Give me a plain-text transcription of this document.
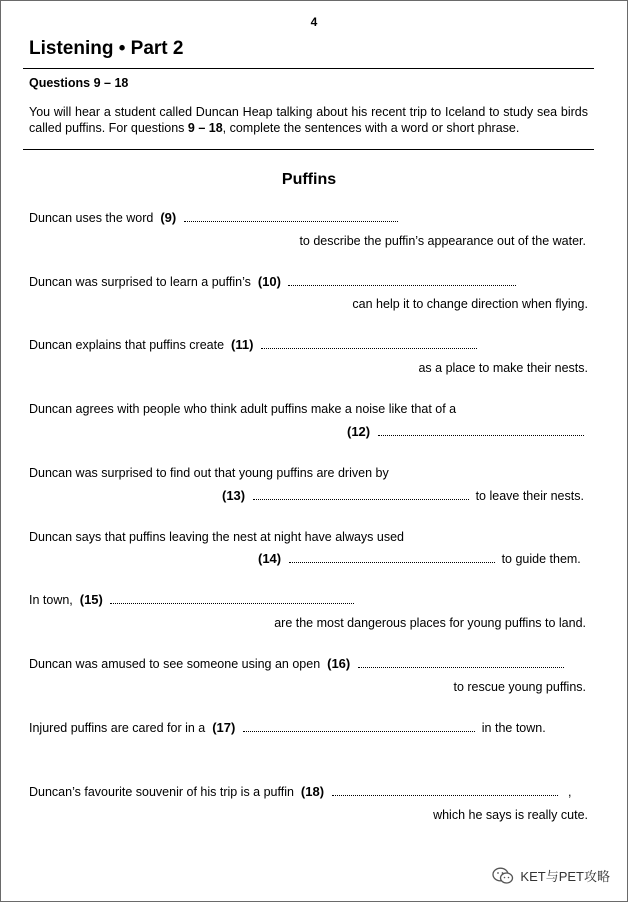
4
Listening • Part 2
Questions 9 – 18
You will hear a student called Duncan Heap talking about his recent trip to Iceland to study sea birds called puffins. For questions 9 – 18, complete the sentences with a word or short phrase.
Puffins
Duncan uses the word (9)
to describe the puffin’s appearance out of the water.
Duncan was surprised to learn a puffin’s (10)
can help it to change direction when flying.
Duncan explains that puffins create (11)
as a place to make their nests.
Duncan agrees with people who think adult puffins make a noise like that of a
(12)
Duncan was surprised to find out that young puffins are driven by
(13)	to leave their nests.
Duncan says that puffins leaving the nest at night have always used
(14)	to guide them.
In town, (15)
are the most dangerous places for young puffins to land.
Duncan was amused to see someone using an open (16)
to rescue young puffins.
Injured puffins are cared for in a (17)	in the town.
Duncan’s favourite souvenir of his trip is a puffin (18)	,
which he says is really cute.
KET与PET攻略
